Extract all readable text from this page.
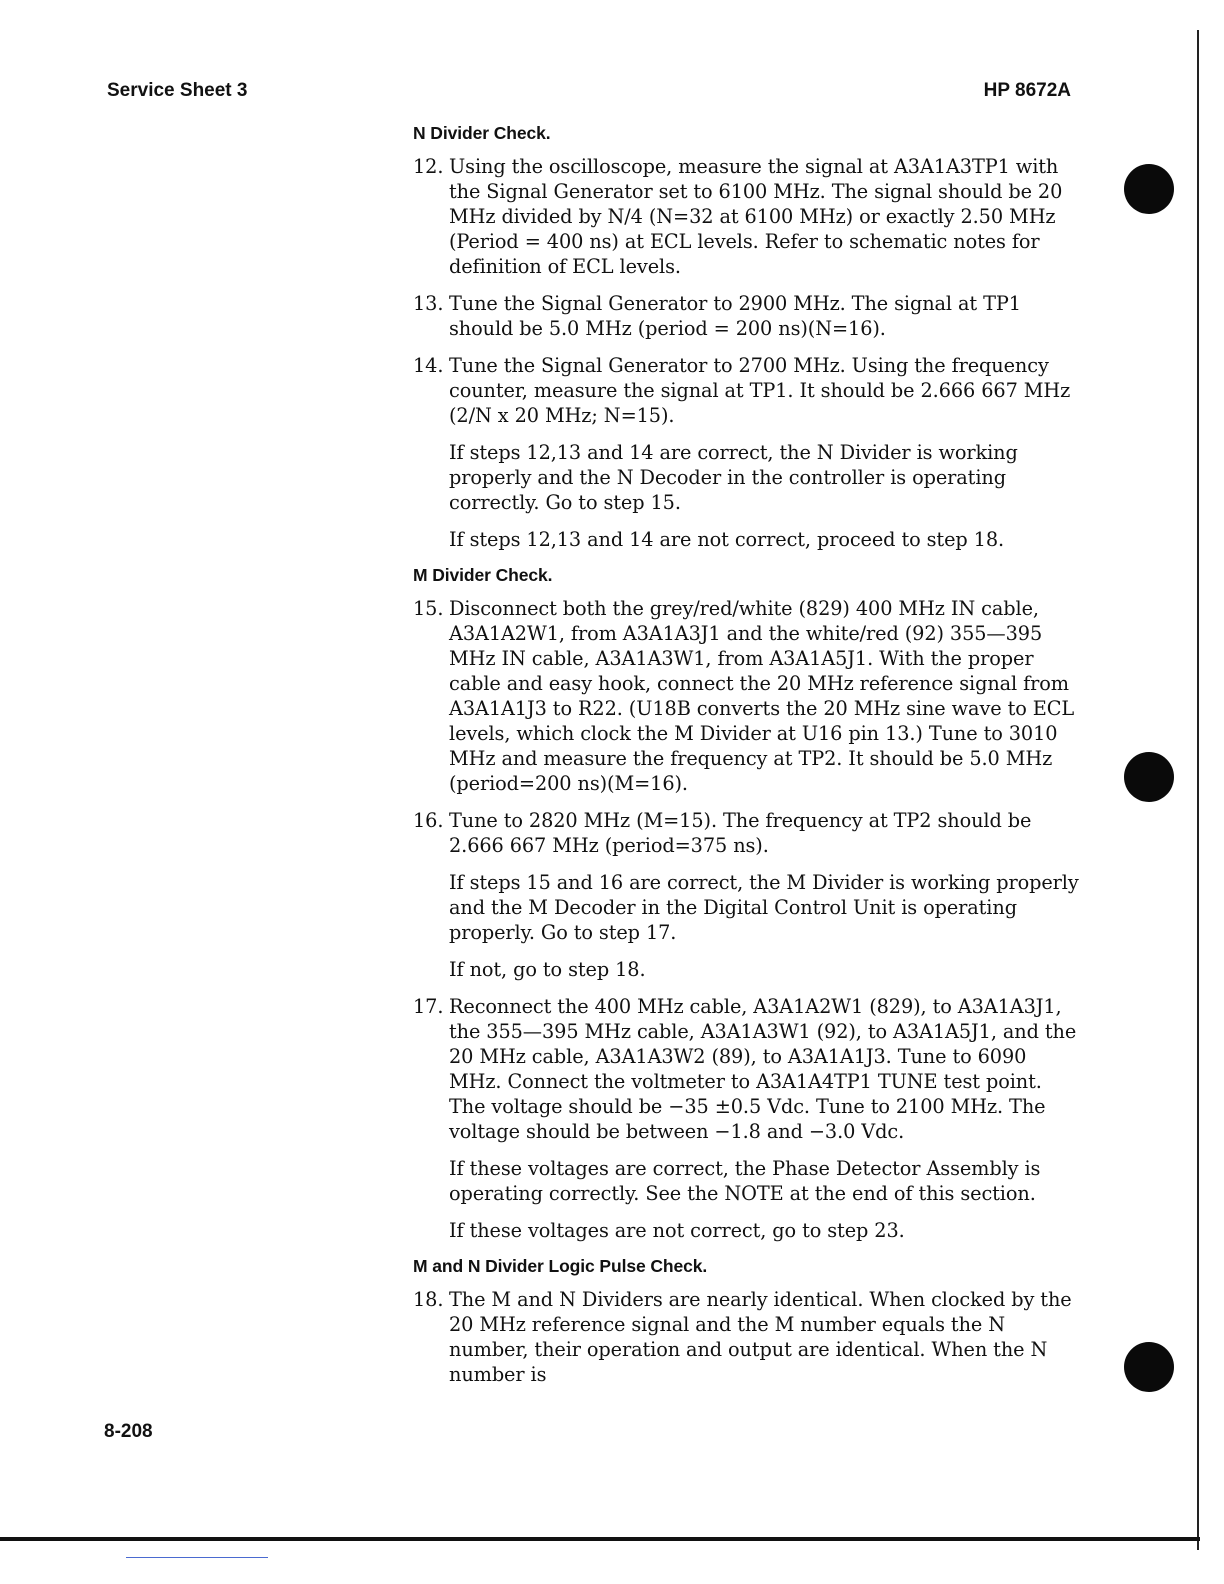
Service Sheet 3	HP 8672A
N Divider Check.
12. Using the oscilloscope, measure the signal at A3A1A3TP1 with the Signal Generator set to 6100 MHz. The signal should be 20 MHz divided by N/4 (N=32 at 6100 MHz) or exactly 2.50 MHz (Period = 400 ns) at ECL levels. Refer to schematic notes for definition of ECL levels.
13. Tune the Signal Generator to 2900 MHz. The signal at TP1 should be 5.0 MHz (period = 200 ns)(N=16).
14. Tune the Signal Generator to 2700 MHz. Using the frequency counter, measure the signal at TP1. It should be 2.666 667 MHz (2/N x 20 MHz; N=15).
If steps 12,13 and 14 are correct, the N Divider is working properly and the N Decoder in the controller is operating correctly. Go to step 15.
If steps 12,13 and 14 are not correct, proceed to step 18.
M Divider Check.
15. Disconnect both the grey/red/white (829) 400 MHz IN cable, A3A1A2W1, from A3A1A3J1 and the white/red (92) 355—395 MHz IN cable, A3A1A3W1, from A3A1A5J1. With the proper cable and easy hook, connect the 20 MHz reference signal from A3A1A1J3 to R22. (U18B converts the 20 MHz sine wave to ECL levels, which clock the M Divider at U16 pin 13.) Tune to 3010 MHz and measure the frequency at TP2. It should be 5.0 MHz (period=200 ns)(M=16).
16. Tune to 2820 MHz (M=15). The frequency at TP2 should be 2.666 667 MHz (period=375 ns).
If steps 15 and 16 are correct, the M Divider is working properly and the M Decoder in the Digital Control Unit is operating properly. Go to step 17.
If not, go to step 18.
17. Reconnect the 400 MHz cable, A3A1A2W1 (829), to A3A1A3J1, the 355—395 MHz cable, A3A1A3W1 (92), to A3A1A5J1, and the 20 MHz cable, A3A1A3W2 (89), to A3A1A1J3. Tune to 6090 MHz. Connect the voltmeter to A3A1A4TP1 TUNE test point. The voltage should be −35 ±0.5 Vdc. Tune to 2100 MHz. The voltage should be between −1.8 and −3.0 Vdc.
If these voltages are correct, the Phase Detector Assembly is operating correctly. See the NOTE at the end of this section.
If these voltages are not correct, go to step 23.
M and N Divider Logic Pulse Check.
18. The M and N Dividers are nearly identical. When clocked by the 20 MHz reference signal and the M number equals the N number, their operation and output are identical. When the N number is
8-208
